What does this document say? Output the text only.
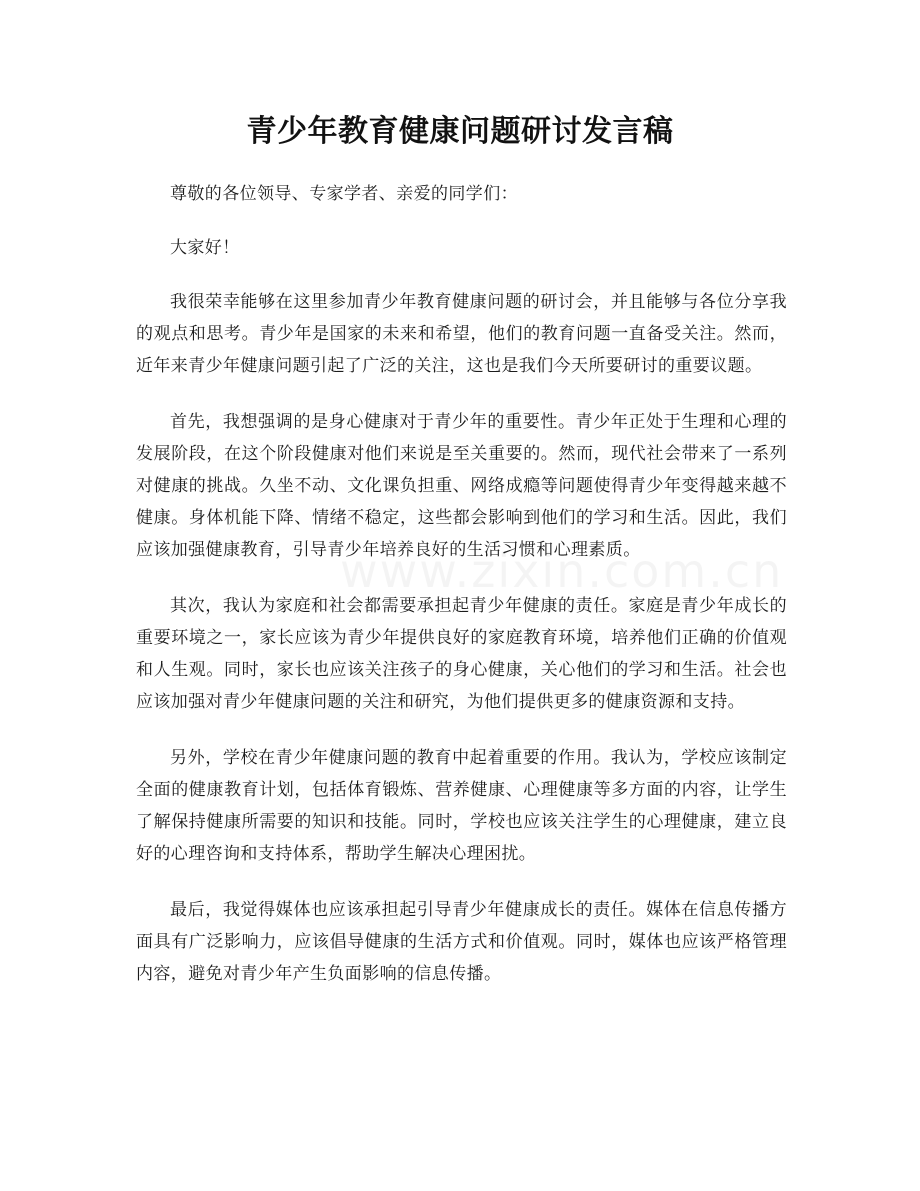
青少年教育健康问题研讨发言稿

尊敬的各位领导、专家学者、亲爱的同学们：

大家好！

我很荣幸能够在这里参加青少年教育健康问题的研讨会，并且能够与各位分享我的观点和思考。青少年是国家的未来和希望，他们的教育问题一直备受关注。然而，近年来青少年健康问题引起了广泛的关注，这也是我们今天所要研讨的重要议题。

首先，我想强调的是身心健康对于青少年的重要性。青少年正处于生理和心理的发展阶段，在这个阶段健康对他们来说是至关重要的。然而，现代社会带来了一系列对健康的挑战。久坐不动、文化课负担重、网络成瘾等问题使得青少年变得越来越不健康。身体机能下降、情绪不稳定，这些都会影响到他们的学习和生活。因此，我们应该加强健康教育，引导青少年培养良好的生活习惯和心理素质。

其次，我认为家庭和社会都需要承担起青少年健康的责任。家庭是青少年成长的重要环境之一，家长应该为青少年提供良好的家庭教育环境，培养他们正确的价值观和人生观。同时，家长也应该关注孩子的身心健康，关心他们的学习和生活。社会也应该加强对青少年健康问题的关注和研究，为他们提供更多的健康资源和支持。

另外，学校在青少年健康问题的教育中起着重要的作用。我认为，学校应该制定全面的健康教育计划，包括体育锻炼、营养健康、心理健康等多方面的内容，让学生了解保持健康所需要的知识和技能。同时，学校也应该关注学生的心理健康，建立良好的心理咨询和支持体系，帮助学生解决心理困扰。

最后，我觉得媒体也应该承担起引导青少年健康成长的责任。媒体在信息传播方面具有广泛影响力，应该倡导健康的生活方式和价值观。同时，媒体也应该严格管理内容，避免对青少年产生负面影响的信息传播。
